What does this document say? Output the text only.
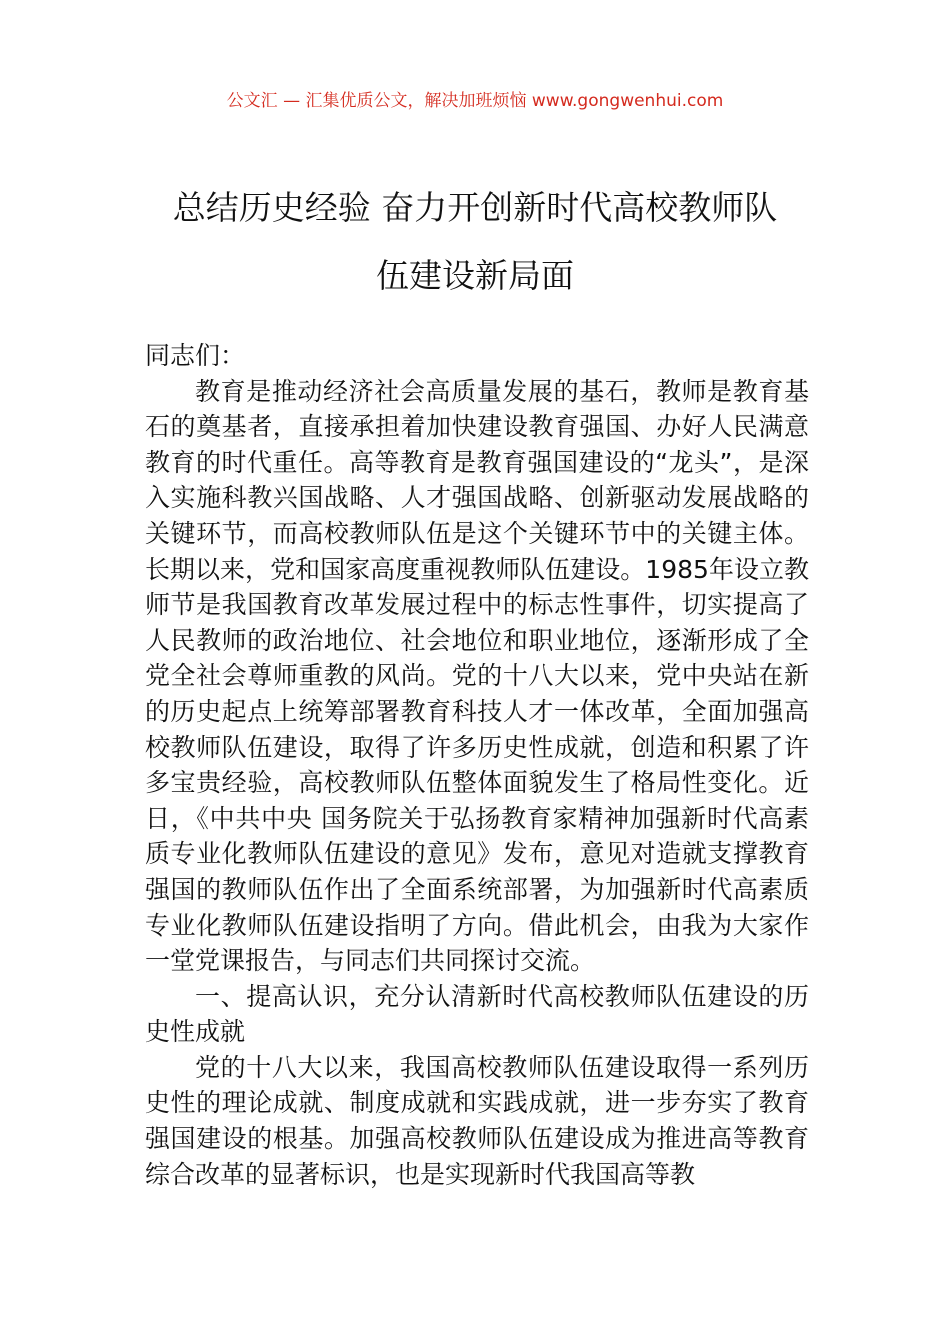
公文汇 — 汇集优质公文，解决加班烦恼 www.gongwenhui.com
总结历史经验 奋力开创新时代高校教师队
伍建设新局面

同志们：

教育是推动经济社会高质量发展的基石，教师是教育基石的奠基者，直接承担着加快建设教育强国、办好人民满意教育的时代重任。高等教育是教育强国建设的“龙头”，是深入实施科教兴国战略、人才强国战略、创新驱动发展战略的关键环节，而高校教师队伍是这个关键环节中的关键主体。长期以来，党和国家高度重视教师队伍建设。1985年设立教师节是我国教育改革发展过程中的标志性事件，切实提高了人民教师的政治地位、社会地位和职业地位，逐渐形成了全党全社会尊师重教的风尚。党的十八大以来，党中央站在新的历史起点上统筹部署教育科技人才一体改革，全面加强高校教师队伍建设，取得了许多历史性成就，创造和积累了许多宝贵经验，高校教师队伍整体面貌发生了格局性变化。近日，《中共中央 国务院关于弘扬教育家精神加强新时代高素质专业化教师队伍建设的意见》发布，意见对造就支撑教育强国的教师队伍作出了全面系统部署，为加强新时代高素质专业化教师队伍建设指明了方向。借此机会，由我为大家作一堂党课报告，与同志们共同探讨交流。

一、提高认识，充分认清新时代高校教师队伍建设的历史性成就

党的十八大以来，我国高校教师队伍建设取得一系列历史性的理论成就、制度成就和实践成就，进一步夯实了教育强国建设的根基。加强高校教师队伍建设成为推进高等教育综合改革的显著标识，也是实现新时代我国高等教
